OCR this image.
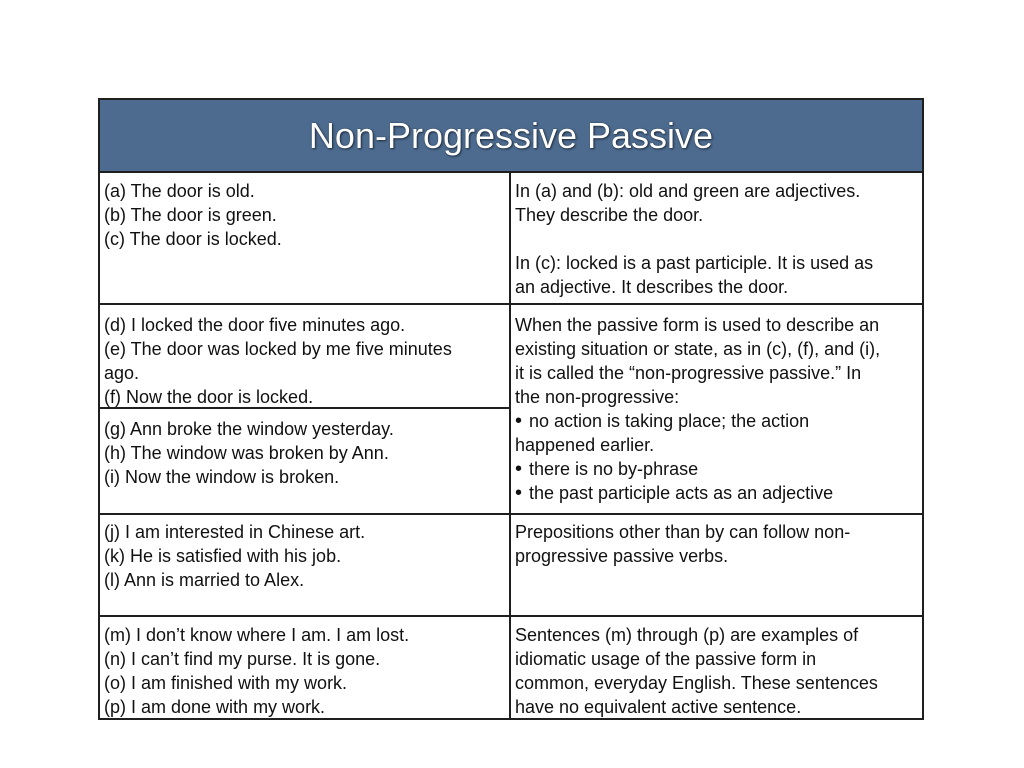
Non-Progressive Passive
(a) The door is old.
(b) The door is green.
(c) The door is locked.
In (a) and (b): old and green are adjectives.
They describe the door.
In (c): locked is a past participle. It is used as
an adjective. It describes the door.
(d) I locked the door five minutes ago.
(e) The door was locked by me five minutes
ago.
(f) Now the door is locked.
(g) Ann broke the window yesterday.
(h) The window was broken by Ann.
(i) Now the window is broken.
When the passive form is used to describe an
existing situation or state, as in (c), (f), and (i),
it is called the “non-progressive passive.” In
the non-progressive:
• no action is taking place; the action
happened earlier.
• there is no by-phrase
• the past participle acts as an adjective
(j) I am interested in Chinese art.
(k) He is satisfied with his job.
(l) Ann is married to Alex.
Prepositions other than by can follow non-
progressive passive verbs.
(m) I don’t know where I am. I am lost.
(n) I can’t find my purse. It is gone.
(o) I am finished with my work.
(p) I am done with my work.
Sentences (m) through (p) are examples of
idiomatic usage of the passive form in
common, everyday English. These sentences
have no equivalent active sentence.
